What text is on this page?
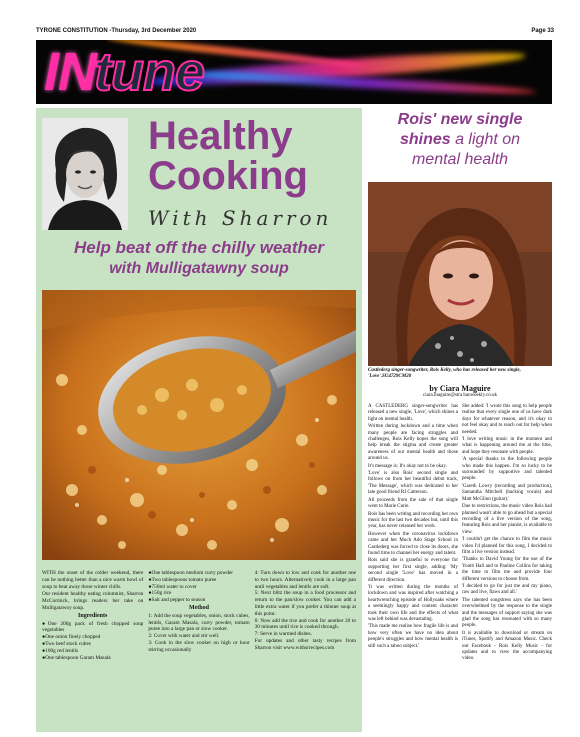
TYRONE CONSTITUTION -Thursday, 3rd December 2020	Page 33
IN
tune
Healthy
Cooking
With Sharron
Help beat off the chilly weather
with Mulligatawny soup

WITH the onset of the colder weekend, there can be nothing better than a nice warm bowl of soup to beat away those winter chills.

Our resident healthy eating columnist, Sharron McCormick, brings readers her take on Mulligatawny soup.

Ingredients
● One 200g pack of fresh chopped soup vegetables
● One onion finely chopped
● Two beef stock cubes
● 100g red lentils
● One tablespoon Garam Masala
● One tablespoon medium curry powder
● Two tablespoons tomato puree
● 750ml water to cover
● 150g rice
● Salt and pepper to season
Method

1: Add the soup vegetables, onion, stock cubes, lentils, Garam Masala, curry powder, tomato puree into a large pan or slow cooker.
2: Cover with water and stir well.
3: Cook in the slow cooker on high or hour stirring occasionally

4: Turn down to low and cook for another one to two hours. Alternatively cook in a large pan until vegetables and lentils are soft.
5: Next blitz the soup in a food processor and return to the pan/slow cooker. You can add a little extra water if you prefer a thinner soup at this point.
6: Now add the rice and cook for another 20 to 30 minutes until rice is cooked through.
7: Serve in warmed dishes.
For updates and other tasty recipes from Sharron visit www.withsrrecipes.com

Rois' new single
shines a light on
mental health
Castlederg singer-songwriter, Rois Kelly, who has released her new single, 'Love'.SU4729CM20
by Ciara Maguire
ciara.maguire@stra banweekly.co.uk

A CASTLEDERG singer-songwriter has released a new single, 'Love', which shines a light on mental health.

Written during lockdown and a time when many people are facing struggles and challenges, Rois Kelly hopes the song will help break the stigma and create greater awareness of our mental health and those around us.

It's message is: It's okay not to be okay.

'Love' is also Rois' second single and follows on from her beautiful debut track, 'The Message', which was dedicated to her late good friend RJ Catterson.

All proceeds from the sale of that single went to Marie Curie.

Rois has been writing and recording her own music for the last two decades but, until this year, has never released her work.

However when the coronavirus lockdown came and her Much Ado Stage School in Castlederg was forced to close its doors, she found time to channel her energy and talent.

Rois said she is grateful to everyone for supporting her first single, adding: 'My second single 'Love' has moved in a different direction.

'It was written during the months of lockdown and was inspired after watching a heartwrenching episode of Hollyoaks where a seemingly happy and content character took their own life and the effects of what was left behind was devastating.

'This made me realise how fragile life is and how very often we have no idea about people's struggles and how mental health is still such a taboo subject.'

She added: 'I wrote this song to help people realise that every single one of us have dark days for whatever reason, and it's okay to not feel okay and to reach out for help when needed.

'I love writing music in the moment and what is happening around me at the time, and hope they resonate with people.

'A special thanks to the following people who made this happen. I'm so lucky to be surrounded by supportive and talented people.

'Gareth Lowry (recording and production), Samantha Mitchell (backing vocals) and Matt McGlinn (guitar).'

Due to restrictions, the music video Rois had planned wasn't able to go ahead but a special recording of a live version of the song, featuring Rois and her pianist, is available to view.

'I couldn't get the chance to film the music video I'd planned for this song, I decided to film a live version instead.

'Thanks to David Young for the use of the Youth Hall and to Pauline Collins for taking the time to film me and provide four different versions to choose from.

'I decided to go for just me and my piano, raw and live, flaws and all.'

The talented songstress says she has been overwhelmed by the response to the single and the messages of support saying she was glad the song has resonated with so many people.

It is available to download or stream on iTunes, Spotify and Amazon Music. Check out Facebook - Rois Kelly Music - for updates and to view the accompanying video.
